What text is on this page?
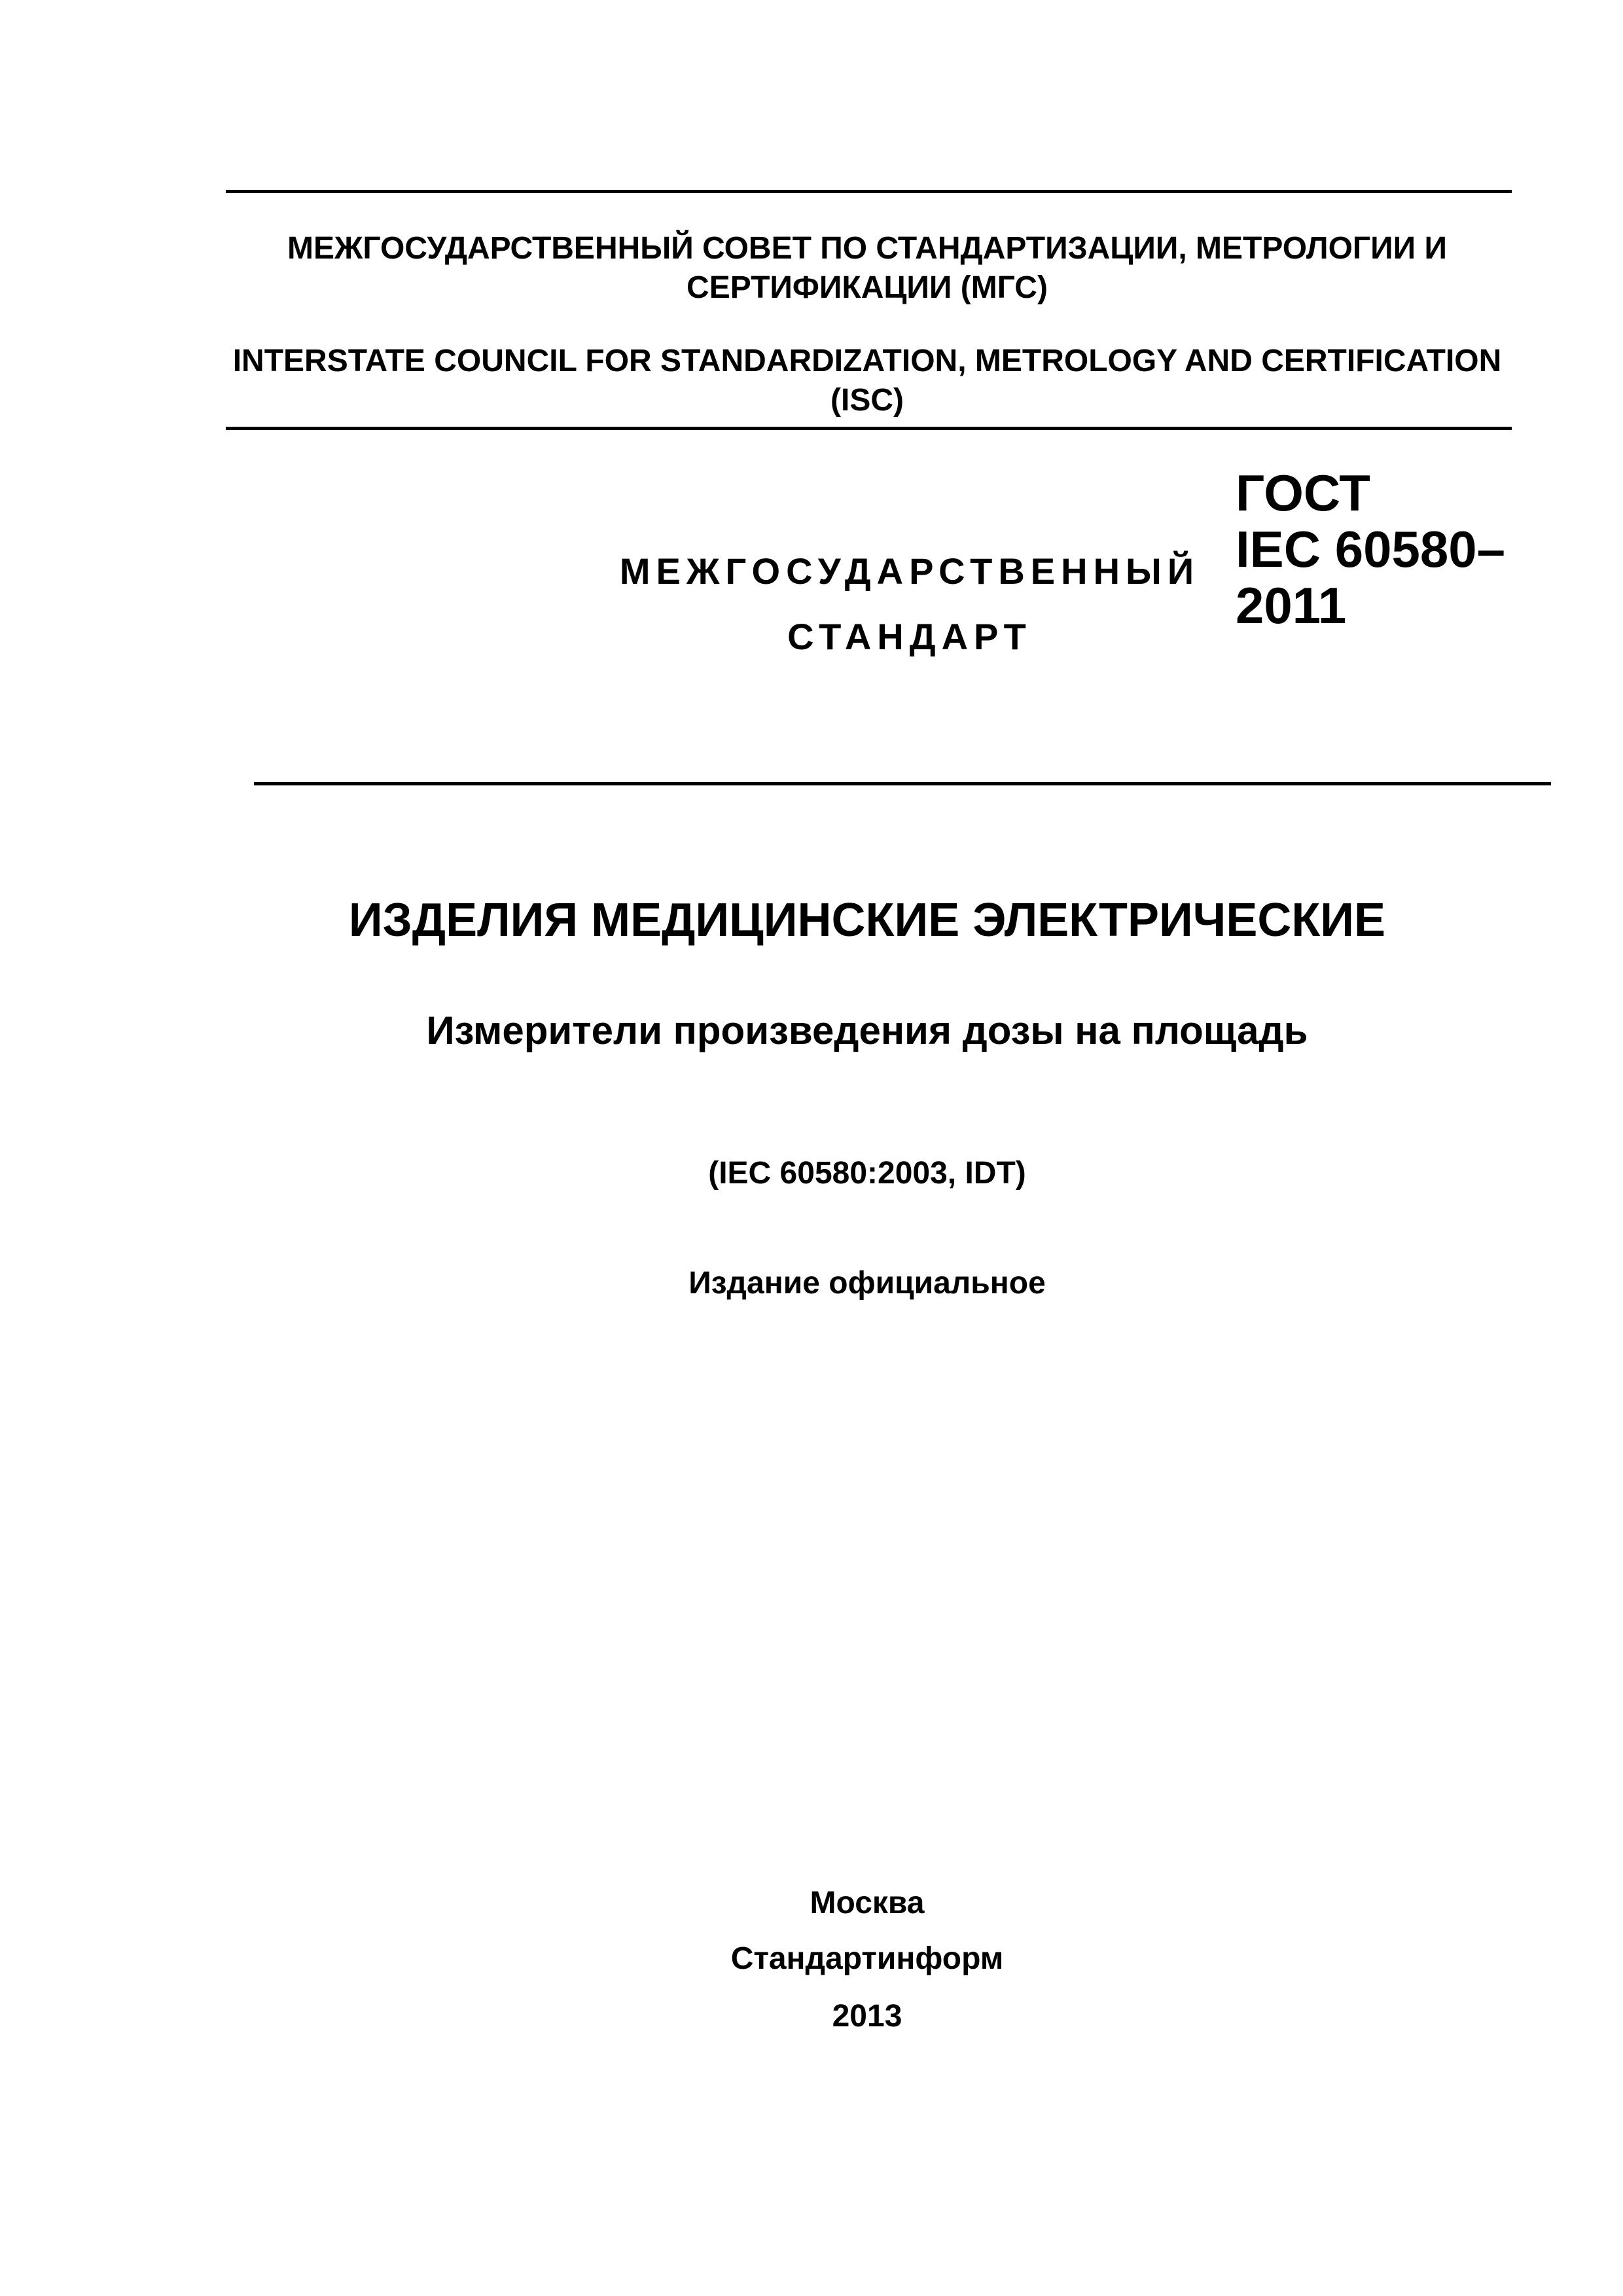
МЕЖГОСУДАРСТВЕННЫЙ СОВЕТ ПО СТАНДАРТИЗАЦИИ, МЕТРОЛОГИИ И СЕРТИФИКАЦИИ (МГС)
INTERSTATE COUNCIL FOR STANDARDIZATION, METROLOGY AND CERTIFICATION (ISC)
МЕЖГОСУДАРСТВЕННЫЙ
СТАНДАРТ
ГОСТ
IEC 60580–
2011
ИЗДЕЛИЯ МЕДИЦИНСКИЕ ЭЛЕКТРИЧЕСКИЕ
Измерители произведения дозы на площадь
(IEC 60580:2003, IDT)
Издание официальное
Москва
Стандартинформ
2013
